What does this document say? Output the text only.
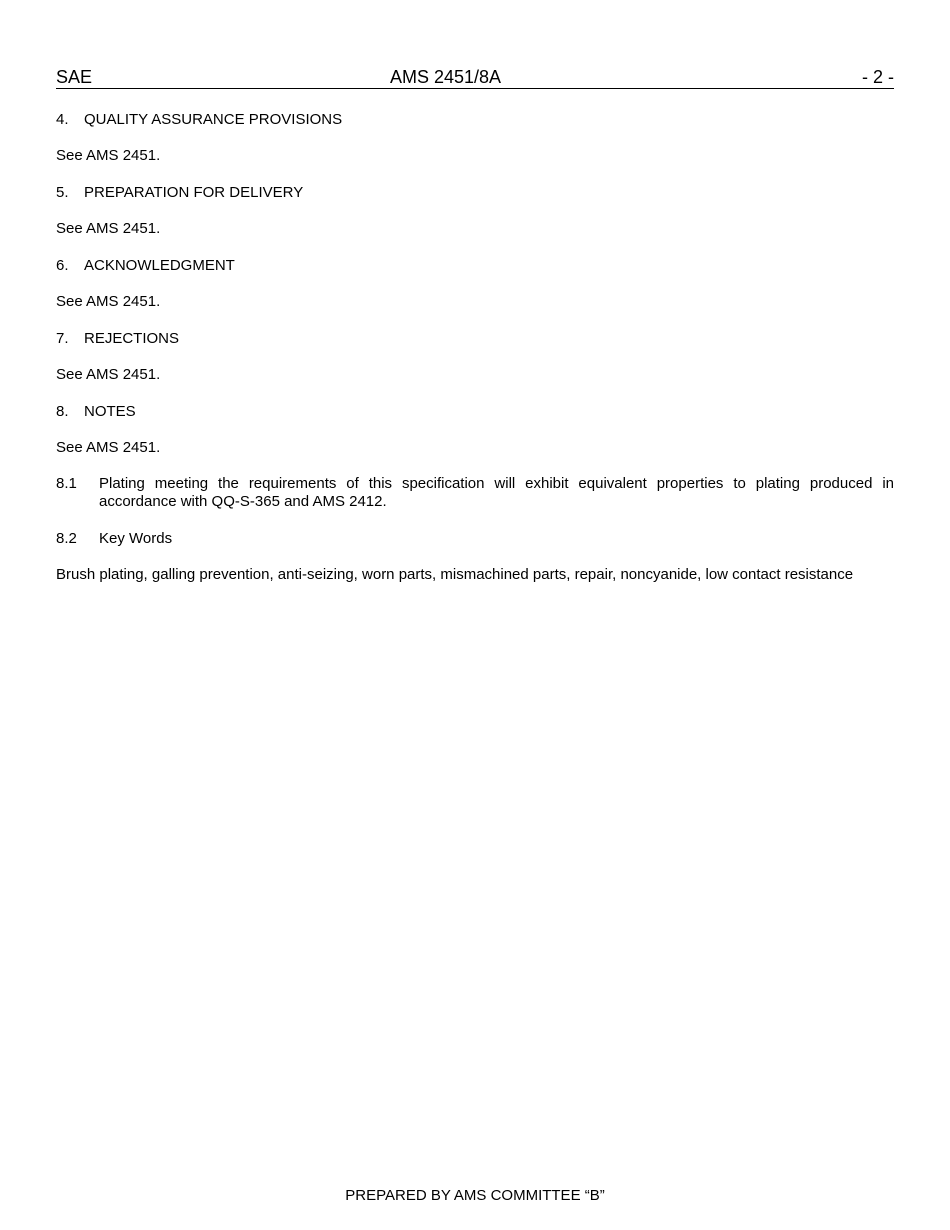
SAE	AMS 2451/8A	- 2 -
4. QUALITY ASSURANCE PROVISIONS
See AMS 2451.
5. PREPARATION FOR DELIVERY
See AMS 2451.
6. ACKNOWLEDGMENT
See AMS 2451.
7. REJECTIONS
See AMS 2451.
8. NOTES
See AMS 2451.
8.1 Plating meeting the requirements of this specification will exhibit equivalent properties to plating produced in accordance with QQ-S-365 and AMS 2412.
8.2 Key Words
Brush plating, galling prevention, anti-seizing, worn parts, mismachined parts, repair, noncyanide, low contact resistance
PREPARED BY AMS COMMITTEE “B”
